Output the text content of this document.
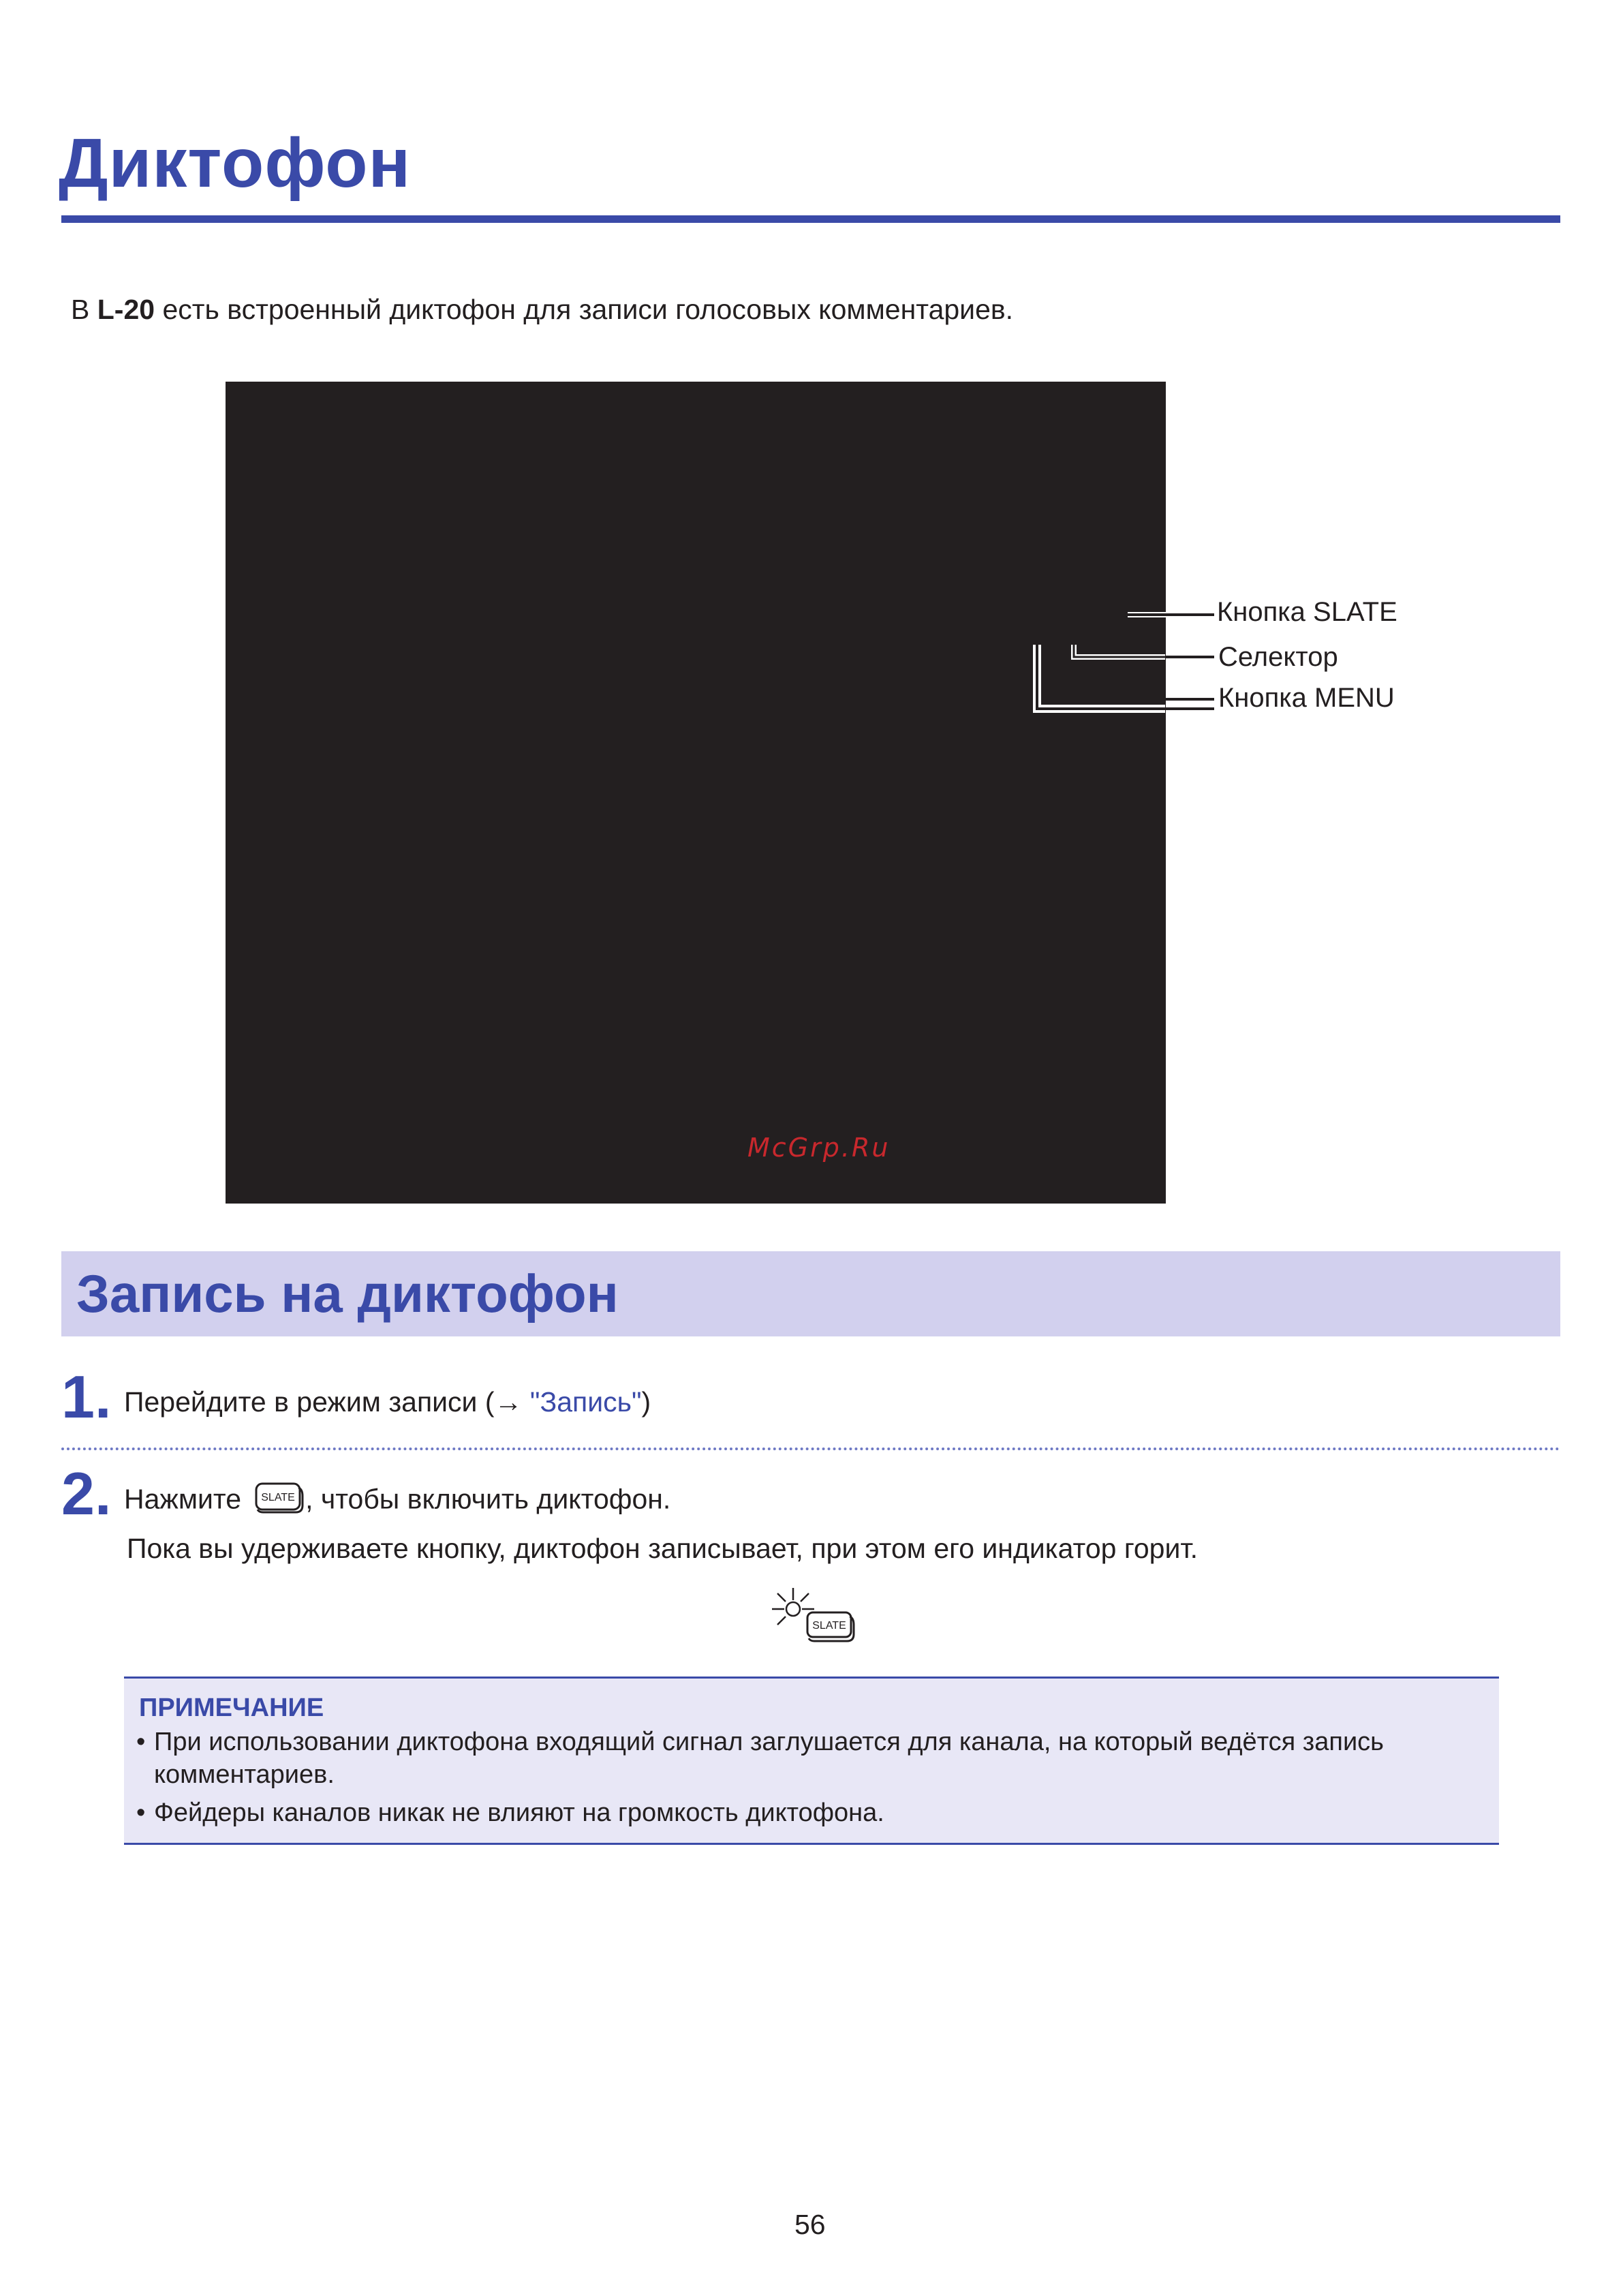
Диктофон
В L-20 есть встроенный диктофон для записи голосовых комментариев.
McGrp.Ru
Кнопка SLATE
Селектор
Кнопка MENU
Запись на диктофон
1. Перейдите в режим записи (→ "Запись")
2. Нажмите SLATE , чтобы включить диктофон.
Пока вы удерживаете кнопку, диктофон записывает, при этом его индикатор горит.
SLATE
ПРИМЕЧАНИЕ
• При использовании диктофона входящий сигнал заглушается для канала, на который ведётся запись комментариев.
• Фейдеры каналов никак не влияют на громкость диктофона.
56
